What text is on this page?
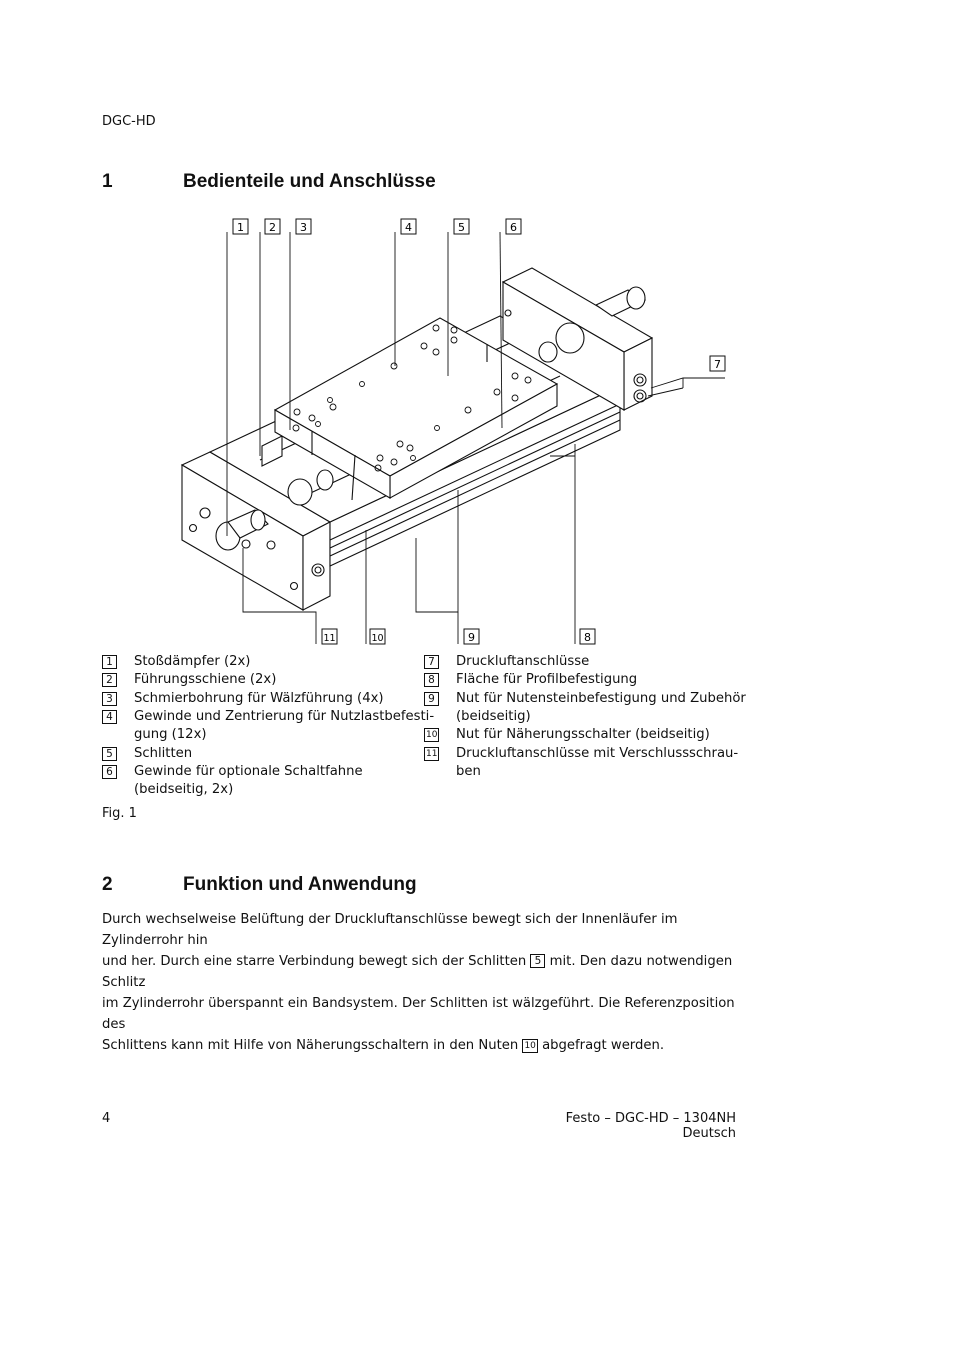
DGC-HD
1	Bedienteile und Anschlüsse
1 2 3	4	5	6
7
11	10	9	8
1	Stoßdämpfer (2x)
2	Führungsschiene (2x)
3	Schmierbohrung für Wälzführung (4x)
4	Gewinde und Zentrierung für Nutzlastbefesti-
gung (12x)
5	Schlitten
6	Gewinde für optionale Schaltfahne
(beidseitig, 2x)
7	Druckluftanschlüsse
8	Fläche für Profilbefestigung
9	Nut für Nutensteinbefestigung und Zubehör
(beidseitig)
10 Nut für Näherungsschalter (beidseitig)
11 Druckluftanschlüsse mit Verschlussschrau-
ben
Fig. 1
2	Funktion und Anwendung
Durch wechselweise Belüftung der Druckluftanschlüsse bewegt sich der Innenläufer im Zylinderrohr hin
und her. Durch eine starre Verbindung bewegt sich der Schlitten 5 mit. Den dazu notwendigen Schlitz
im Zylinderrohr überspannt ein Bandsystem. Der Schlitten ist wälzgeführt. Die Referenzposition des
Schlittens kann mit Hilfe von Näherungsschaltern in den Nuten 10 abgefragt werden.
4	Festo – DGC-HD – 1304NH Deutsch
